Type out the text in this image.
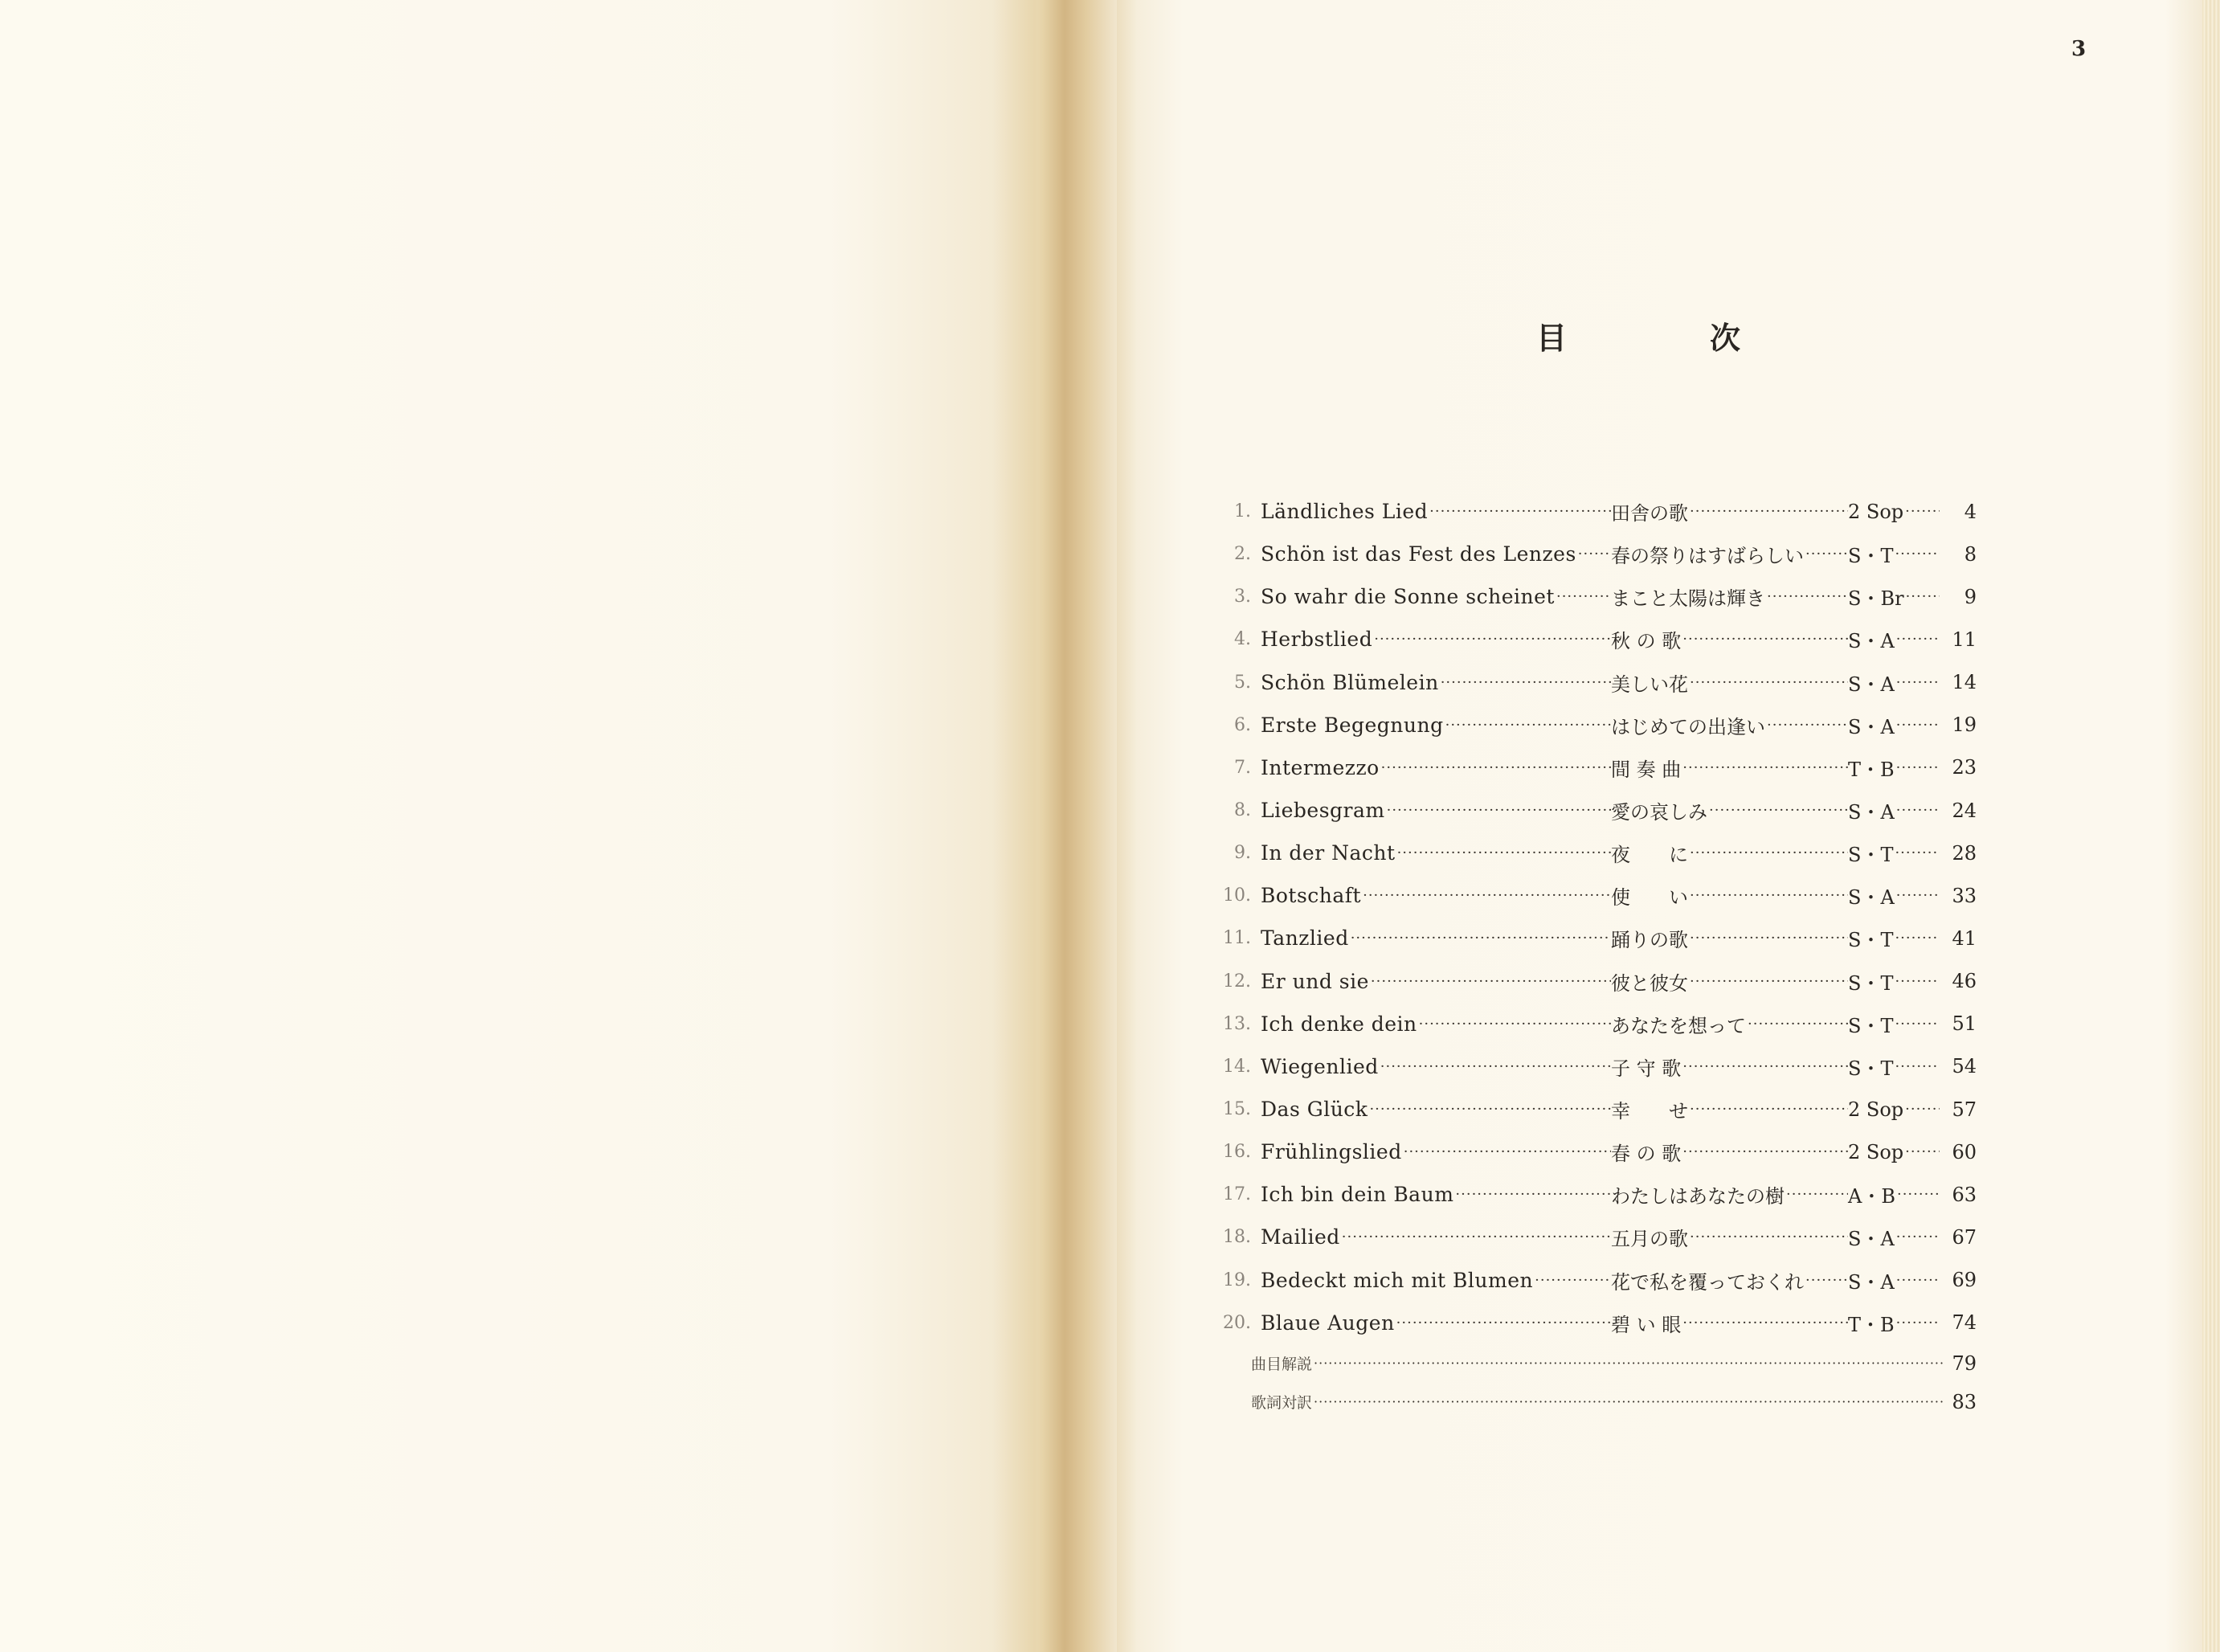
3
目　次
1. Ländliches Lied ·····	田舎の歌 ·····	2 Sop ·····	4
2. Schön ist das Fest des Lenzes ····· 春の祭りはすばらしい ····· S・T ·····	8
3. So wahr die Sonne scheinet ·····	まこと太陽は輝き ·····	S・Br ·····	9
4. Herbstlied ·····	秋 の 歌 ·····	S・A ·····	11
5. Schön Blümelein ·····	美しい花 ·····	S・A ·····	14
6. Erste Begegnung ·····	はじめての出逢い ·····	S・A ·····	19
7. Intermezzo ·····	間 奏 曲 ·····	T・B ·····	23
8. Liebesgram ·····	愛の哀しみ ·····	S・A ·····	24
9. In der Nacht ·····	夜　　に ·····	S・T ·····	28
10. Botschaft ·····	使　　い ·····	S・A ·····	33
11. Tanzlied ·····	踊りの歌 ·····	S・T ·····	41
12. Er und sie ·····	彼と彼女 ·····	S・T ·····	46
13. Ich denke dein ·····	あなたを想って ·····	S・T ·····	51
14. Wiegenlied ·····	子 守 歌 ·····	S・T ·····	54
15. Das Glück ·····	幸　　せ ·····	2 Sop ·····	57
16. Frühlingslied ·····	春 の 歌 ·····	2 Sop ·····	60
17. Ich bin dein Baum ·····	わたしはあなたの樹 ·····	A・B ·····	63
18. Mailied ·····	五月の歌 ·····	S・A ·····	67
19. Bedeckt mich mit Blumen ·····	花で私を覆っておくれ ····· S・A ·····	69
20. Blaue Augen ·····	碧 い 眼 ·····	T・B ·····	74
曲目解説 ·····	79
歌詞対訳 ·····	83
